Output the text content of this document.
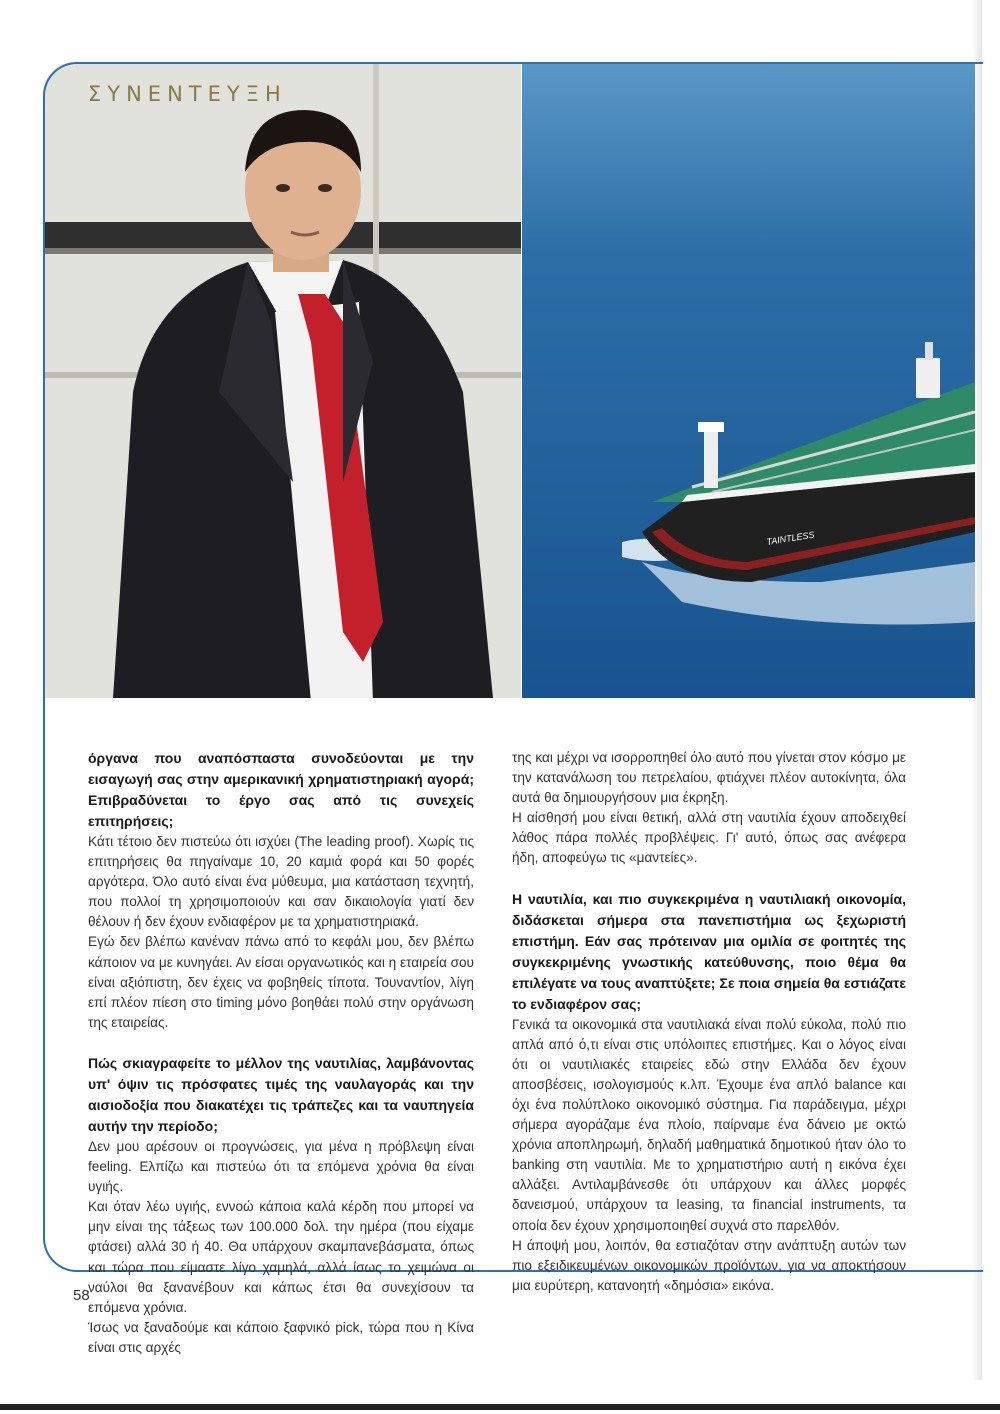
TAINTLESS
ΣΥΝΕΝΤΕΥΞΗ

όργανα που αναπόσπαστα συνοδεύονται με την εισαγωγή σας στην αμερικανική χρηματιστηριακή αγορά; Επιβραδύνεται το έργο σας από τις συνεχείς επιτηρήσεις;

Κάτι τέτοιο δεν πιστεύω ότι ισχύει (The leading proof). Χωρίς τις επιτηρήσεις θα πηγαίναμε 10, 20 καμιά φορά και 50 φορές αργότερα. Όλο αυτό είναι ένα μύθευμα, μια κατάσταση τεχνητή, που πολλοί τη χρησιμοποιούν και σαν δικαιολογία γιατί δεν θέλουν ή δεν έχουν ενδιαφέρον με τα χρηματιστηριακά.

Εγώ δεν βλέπω κανέναν πάνω από το κεφάλι μου, δεν βλέπω κάποιον να με κυνηγάει. Αν είσαι οργανωτικός και η εταιρεία σου είναι αξιόπιστη, δεν έχεις να φοβηθείς τίποτα. Τουναντίον, λίγη επί πλέον πίεση στο timing μόνο βοηθάει πολύ στην οργάνωση της εταιρείας.

Πώς σκιαγραφείτε το μέλλον της ναυτιλίας, λαμβάνοντας υπ' όψιν τις πρόσφατες τιμές της ναυλαγοράς και την αισιοδοξία που διακατέχει τις τράπεζες και τα ναυπηγεία αυτήν την περίοδο;

Δεν μου αρέσουν οι προγνώσεις, για μένα η πρόβλεψη είναι feeling. Ελπίζω και πιστεύω ότι τα επόμενα χρόνια θα είναι υγιής.

Και όταν λέω υγιής, εννοώ κάποια καλά κέρδη που μπορεί να μην είναι της τάξεως των 100.000 δολ. την ημέρα (που είχαμε φτάσει) αλλά 30 ή 40. Θα υπάρχουν σκαμπανεβάσματα, όπως και τώρα που είμαστε λίγο χαμηλά, αλλά ίσως το χειμώνα οι ναύλοι θα ξανανέβουν και κάπως έτσι θα συνεχίσουν τα επόμενα χρόνια.

Ίσως να ξαναδούμε και κάποιο ξαφνικό pick, τώρα που η Κίνα είναι στις αρχές

της και μέχρι να ισορροπηθεί όλο αυτό που γίνεται στον κόσμο με την κατανάλωση του πετρελαίου, φτιάχνει πλέον αυτοκίνητα, όλα αυτά θα δημιουργήσουν μια έκρηξη.

Η αίσθησή μου είναι θετική, αλλά στη ναυτιλία έχουν αποδειχθεί λάθος πάρα πολλές προβλέψεις. Γι' αυτό, όπως σας ανέφερα ήδη, αποφεύγω τις «μαντείες».

Η ναυτιλία, και πιο συγκεκριμένα η ναυτιλιακή οικονομία, διδάσκεται σήμερα στα πανεπιστήμια ως ξεχωριστή επιστήμη. Εάν σας πρότειναν μια ομιλία σε φοιτητές της συγκεκριμένης γνωστικής κατεύθυνσης, ποιο θέμα θα επιλέγατε να τους αναπτύξετε; Σε ποια σημεία θα εστιάζατε το ενδιαφέρον σας;

Γενικά τα οικονομικά στα ναυτιλιακά είναι πολύ εύκολα, πολύ πιο απλά από ό,τι είναι στις υπόλοιπες επιστήμες. Και ο λόγος είναι ότι οι ναυτιλιακές εταιρείες εδώ στην Ελλάδα δεν έχουν αποσβέσεις, ισολογισμούς κ.λπ. Έχουμε ένα απλό balance και όχι ένα πολύπλοκο οικονομικό σύστημα. Για παράδειγμα, μέχρι σήμερα αγοράζαμε ένα πλοίο, παίρναμε ένα δάνειο με οκτώ χρόνια αποπληρωμή, δηλαδή μαθηματικά δημοτικού ήταν όλο το banking στη ναυτιλία. Με το χρηματιστήριο αυτή η εικόνα έχει αλλάξει. Αντιλαμβάνεσθε ότι υπάρχουν και άλλες μορφές δανεισμού, υπάρχουν τα leasing, τα financial instruments, τα οποία δεν έχουν χρησιμοποιηθεί συχνά στο παρελθόν.

Η άποψή μου, λοιπόν, θα εστιαζόταν στην ανάπτυξη αυτών των πιο εξειδικευμένων οικονομικών προϊόντων, για να αποκτήσουν μια ευρύτερη, κατανοητή «δημόσια» εικόνα.

58
